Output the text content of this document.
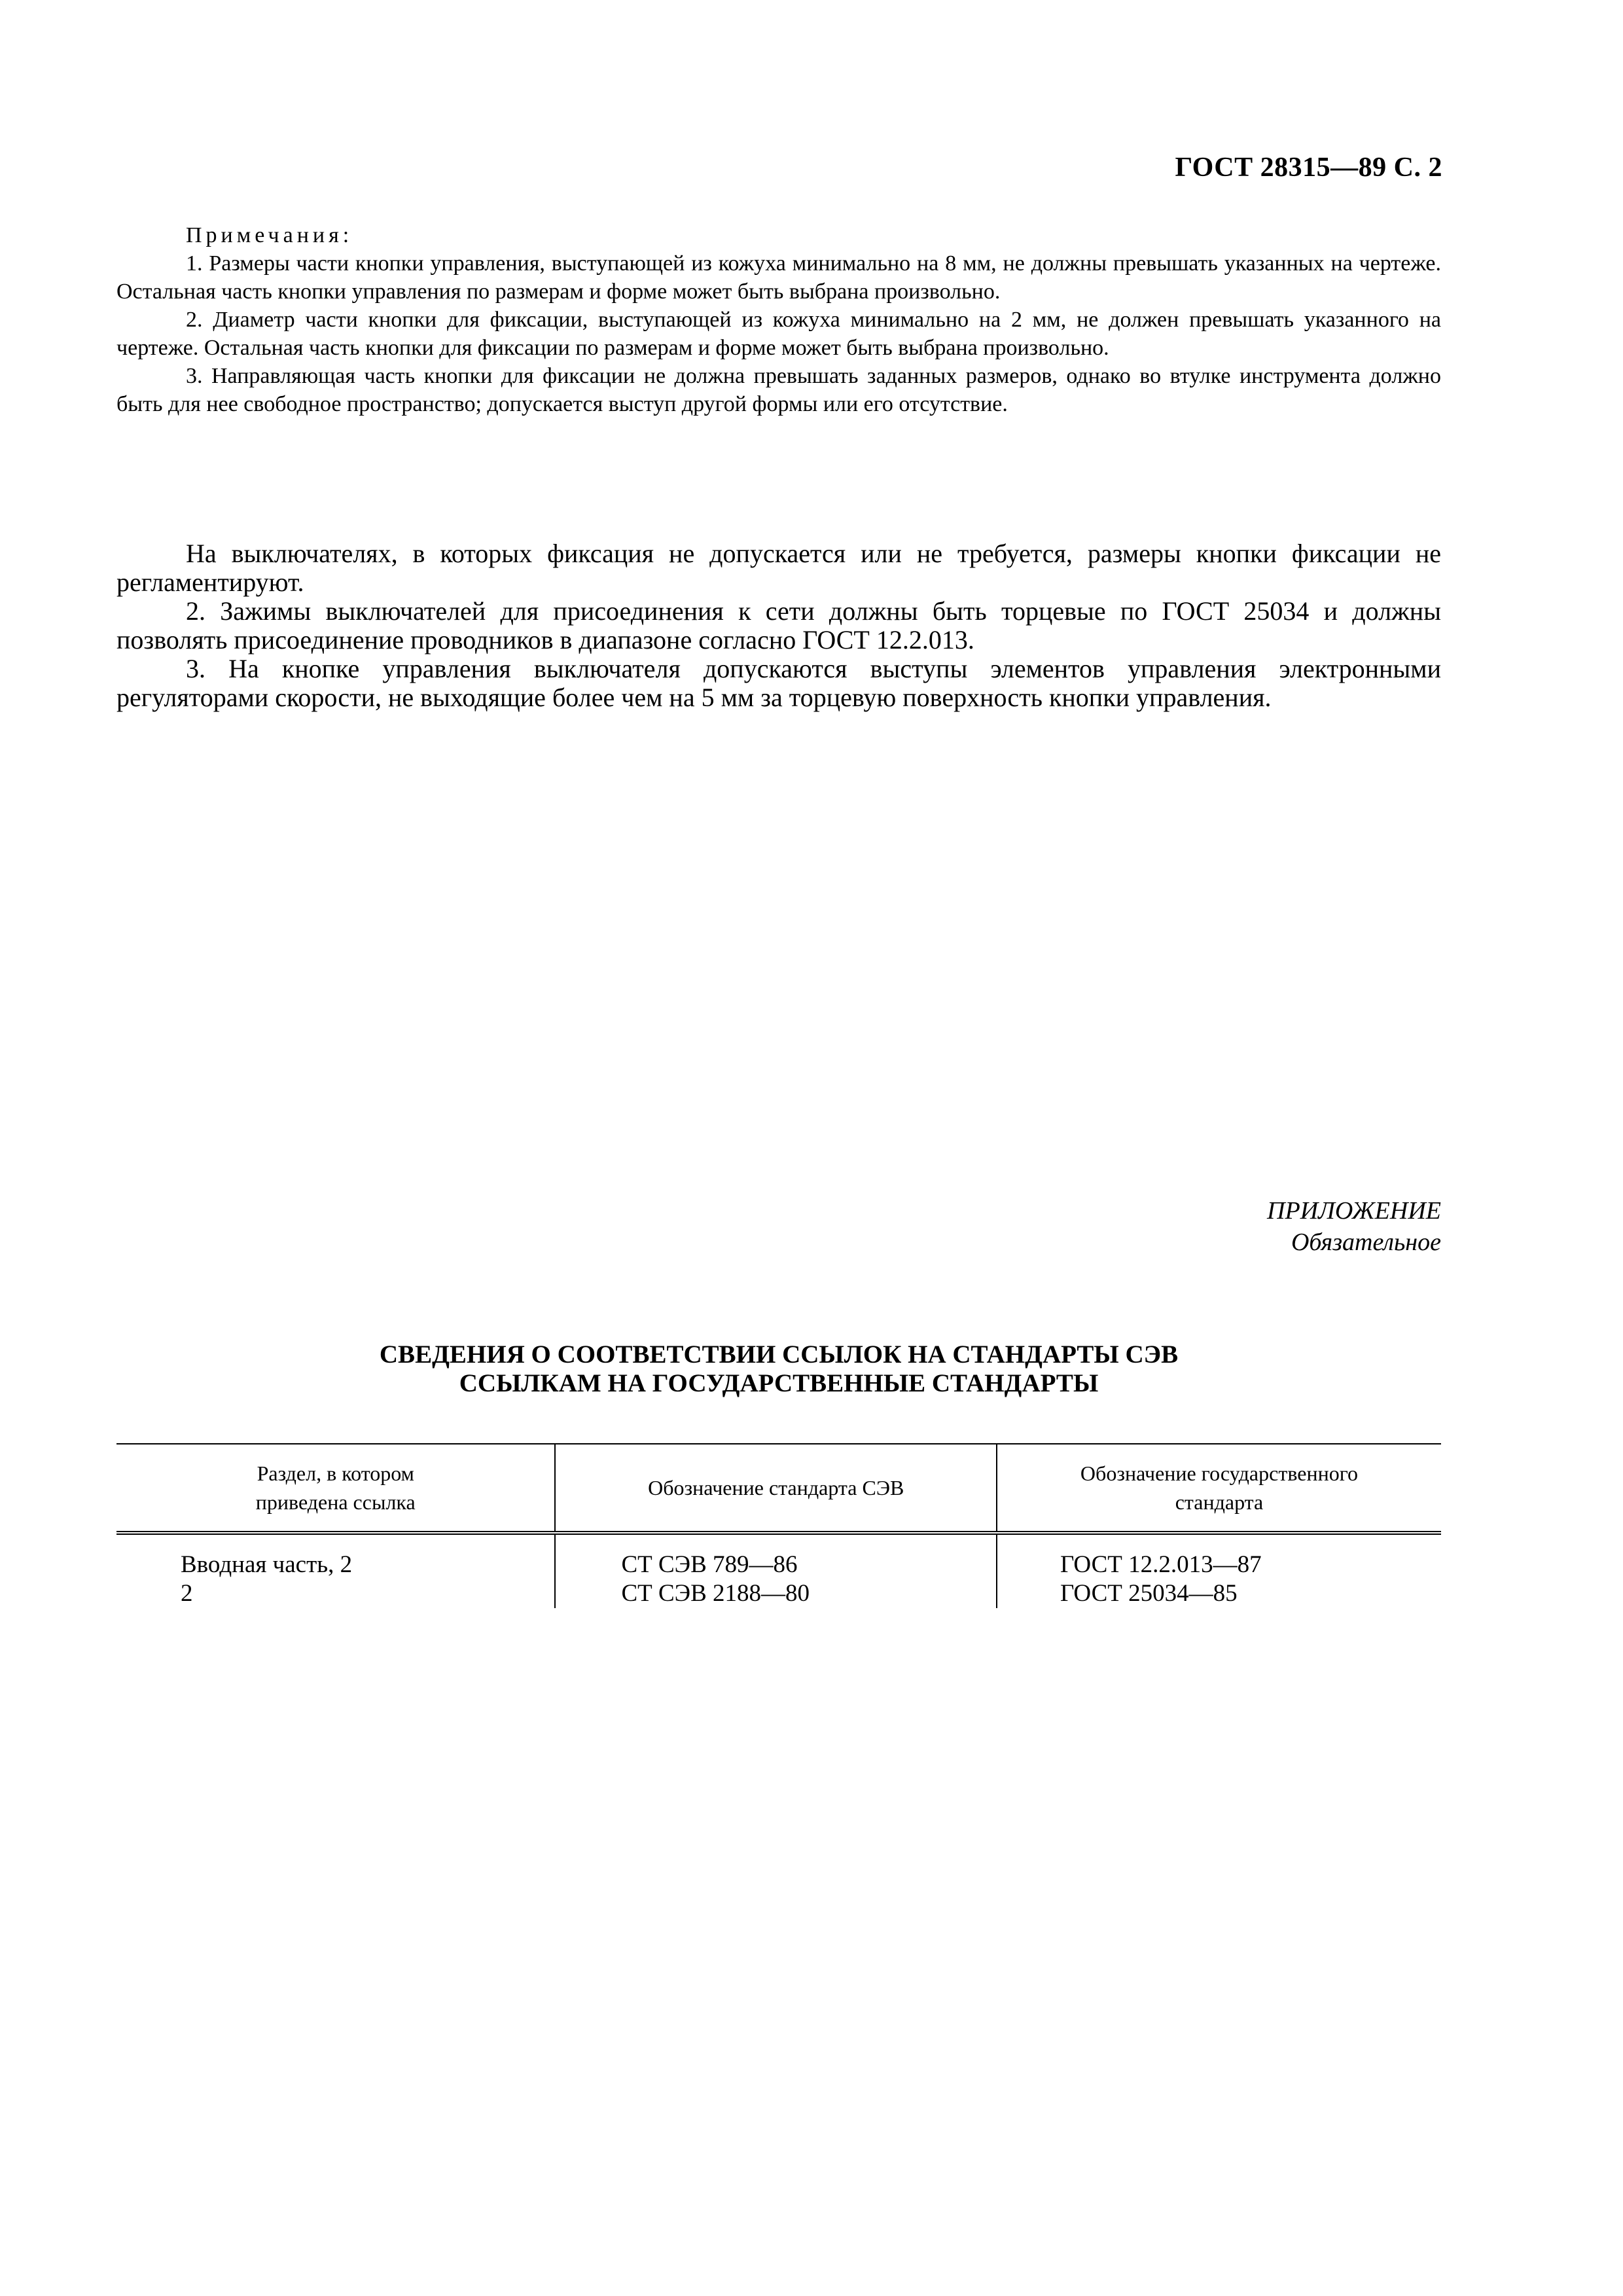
ГОСТ 28315—89 С. 2
Примечания:
1. Размеры части кнопки управления, выступающей из кожуха минимально на 8 мм, не должны превышать указанных на чертеже. Остальная часть кнопки управления по размерам и форме может быть выбрана произвольно.
2. Диаметр части кнопки для фиксации, выступающей из кожуха минимально на 2 мм, не должен превышать указанного на чертеже. Остальная часть кнопки для фиксации по размерам и форме может быть выбрана произвольно.
3. Направляющая часть кнопки для фиксации не должна превышать заданных размеров, однако во втулке инструмента должно быть для нее свободное пространство; допускается выступ другой формы или его отсутствие.
На выключателях, в которых фиксация не допускается или не требуется, размеры кнопки фиксации не регламентируют.
2. Зажимы выключателей для присоединения к сети должны быть торцевые по ГОСТ 25034 и должны позволять присоединение проводников в диапазоне согласно ГОСТ 12.2.013.
3. На кнопке управления выключателя допускаются выступы элементов управления электронными регуляторами скорости, не выходящие более чем на 5 мм за торцевую поверхность кнопки управления.
ПРИЛОЖЕНИЕ
Обязательное
СВЕДЕНИЯ О СООТВЕТСТВИИ ССЫЛОК НА СТАНДАРТЫ СЭВ
ССЫЛКАМ НА ГОСУДАРСТВЕННЫЕ СТАНДАРТЫ
Раздел, в котором
приведена ссылка	Обозначение стандарта СЭВ	Обозначение государственного
стандарта

Вводная часть, 2	СТ СЭВ 789—86	ГОСТ 12.2.013—87

2	СТ СЭВ 2188—80	ГОСТ 25034—85
